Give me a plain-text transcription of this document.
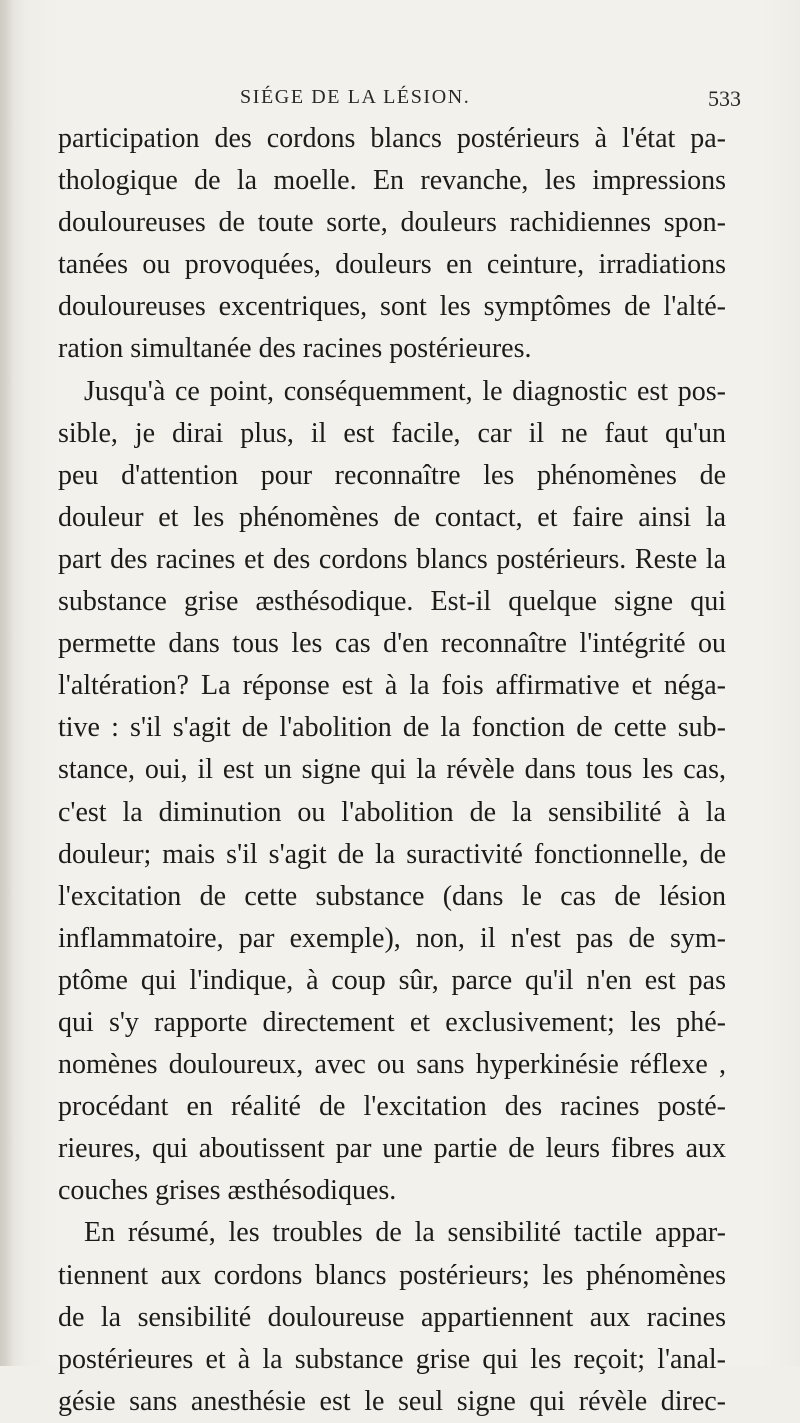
SIÉGE DE LA LÉSION.	533
participation des cordons blancs postérieurs à l'état pa-
thologique de la moelle. En revanche, les impressions
douloureuses de toute sorte, douleurs rachidiennes spon-
tanées ou provoquées, douleurs en ceinture, irradiations
douloureuses excentriques, sont les symptômes de l'alté-
ration simultanée des racines postérieures.
Jusqu'à ce point, conséquemment, le diagnostic est pos-
sible, je dirai plus, il est facile, car il ne faut qu'un
peu d'attention pour reconnaître les phénomènes de
douleur et les phénomènes de contact, et faire ainsi la
part des racines et des cordons blancs postérieurs. Reste la
substance grise æsthésodique. Est-il quelque signe qui
permette dans tous les cas d'en reconnaître l'intégrité ou
l'altération? La réponse est à la fois affirmative et néga-
tive : s'il s'agit de l'abolition de la fonction de cette sub-
stance, oui, il est un signe qui la révèle dans tous les cas,
c'est la diminution ou l'abolition de la sensibilité à la
douleur; mais s'il s'agit de la suractivité fonctionnelle, de
l'excitation de cette substance (dans le cas de lésion
inflammatoire, par exemple), non, il n'est pas de sym-
ptôme qui l'indique, à coup sûr, parce qu'il n'en est pas
qui s'y rapporte directement et exclusivement; les phé-
nomènes douloureux, avec ou sans hyperkinésie réflexe ,
procédant en réalité de l'excitation des racines posté-
rieures, qui aboutissent par une partie de leurs fibres aux
couches grises æsthésodiques.
En résumé, les troubles de la sensibilité tactile appar-
tiennent aux cordons blancs postérieurs; les phénomènes
de la sensibilité douloureuse appartiennent aux racines
postérieures et à la substance grise qui les reçoit; l'anal-
gésie sans anesthésie est le seul signe qui révèle direc-
